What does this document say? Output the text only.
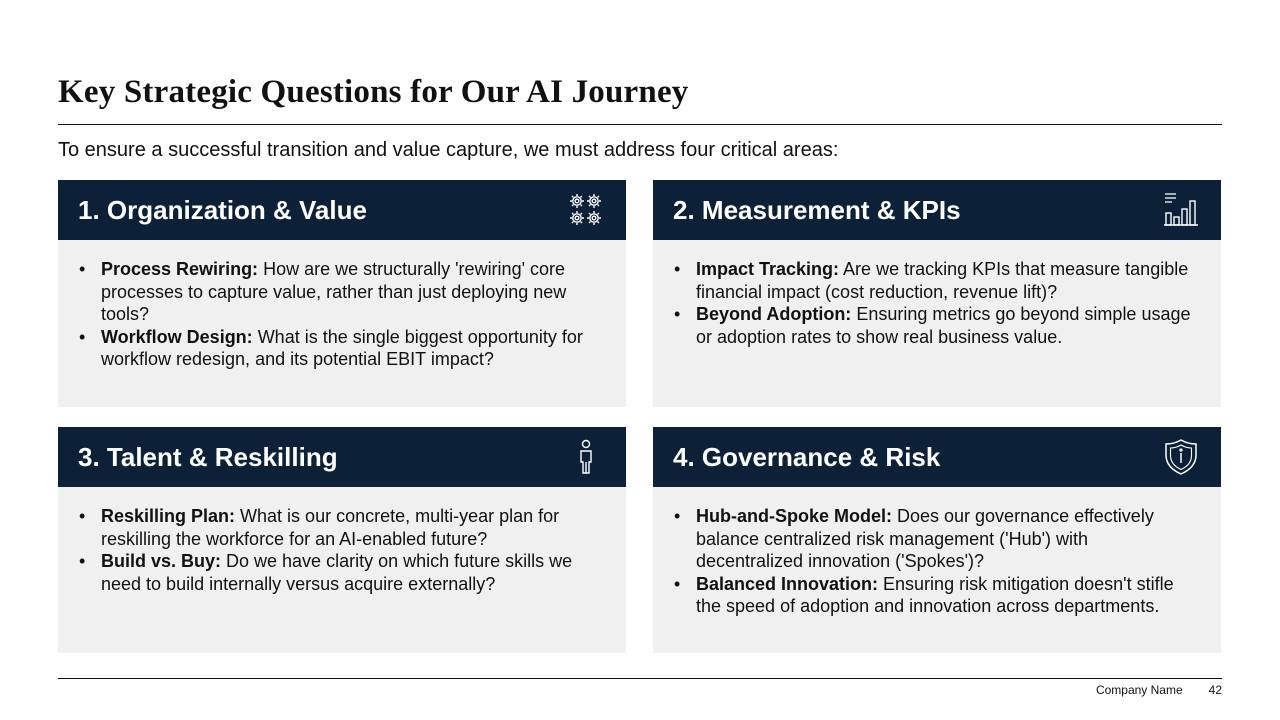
Key Strategic Questions for Our AI Journey
To ensure a successful transition and value capture, we must address four critical areas:
1. Organization & Value
• Process Rewiring: How are we structurally 'rewiring' core processes to capture value, rather than just deploying new tools?
• Workflow Design: What is the single biggest opportunity for workflow redesign, and its potential EBIT impact?
2. Measurement & KPIs
• Impact Tracking: Are we tracking KPIs that measure tangible financial impact (cost reduction, revenue lift)?
• Beyond Adoption: Ensuring metrics go beyond simple usage or adoption rates to show real business value.
3. Talent & Reskilling
• Reskilling Plan: What is our concrete, multi-year plan for reskilling the workforce for an AI-enabled future?
• Build vs. Buy: Do we have clarity on which future skills we need to build internally versus acquire externally?
4. Governance & Risk
• Hub-and-Spoke Model: Does our governance effectively balance centralized risk management ('Hub') with decentralized innovation ('Spokes')?
• Balanced Innovation: Ensuring risk mitigation doesn't stifle the speed of adoption and innovation across departments.
Company Name 42
